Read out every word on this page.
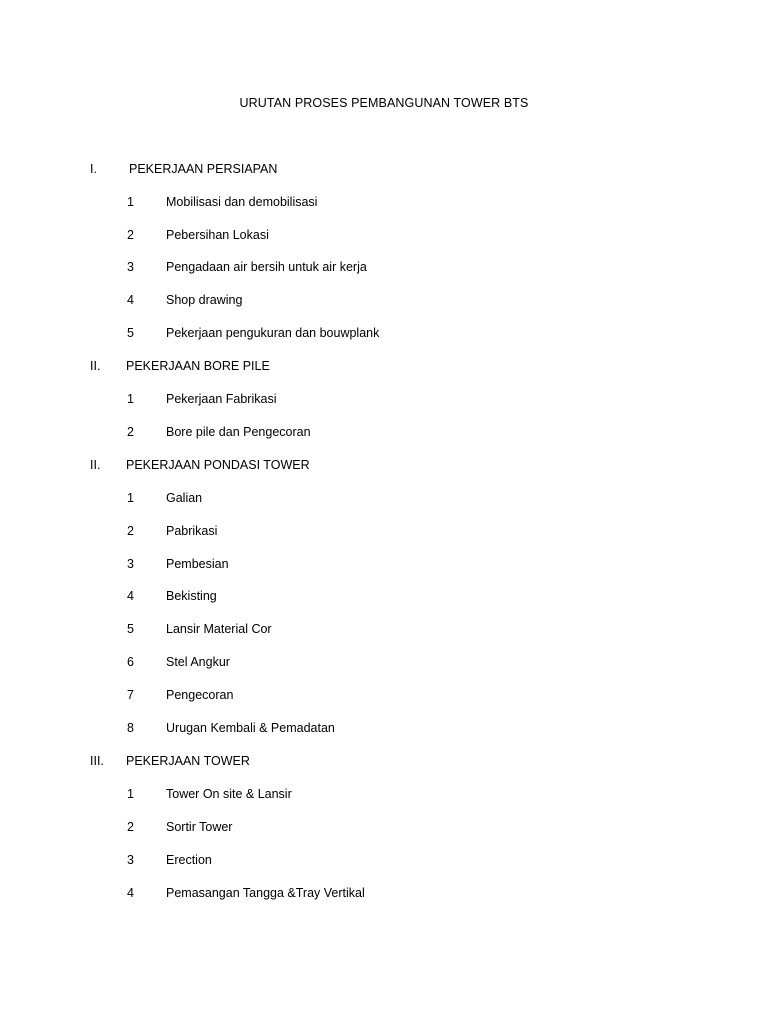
URUTAN PROSES PEMBANGUNAN TOWER BTS
I.	PEKERJAAN PERSIAPAN
1	Mobilisasi dan demobilisasi
2	Pebersihan Lokasi
3	Pengadaan air bersih untuk air kerja
4	Shop drawing
5	Pekerjaan pengukuran dan bouwplank
II. PEKERJAAN BORE PILE
1	Pekerjaan Fabrikasi
2	Bore pile dan Pengecoran
II. PEKERJAAN PONDASI TOWER
1	Galian
2	Pabrikasi
3	Pembesian
4	Bekisting
5	Lansir Material Cor
6	Stel Angkur
7	Pengecoran
8	Urugan Kembali & Pemadatan
III. PEKERJAAN TOWER
1	Tower On site & Lansir
2	Sortir Tower
3	Erection
4	Pemasangan Tangga &Tray Vertikal
